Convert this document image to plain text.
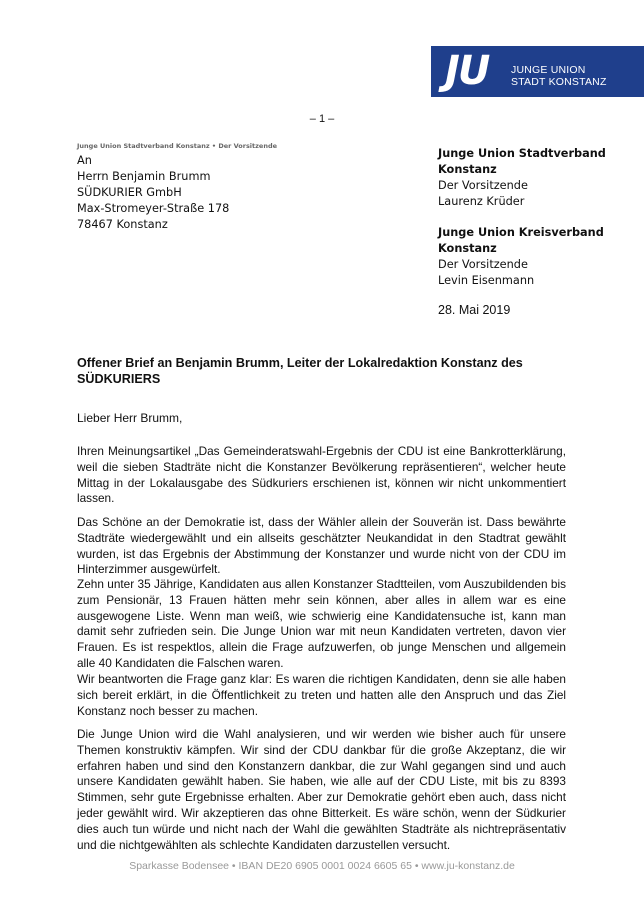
JU JUNGE UNION
STADT KONSTANZ
– 1 –
Junge Union Stadtverband Konstanz • Der Vorsitzende
An
Herrn Benjamin Brumm
SÜDKURIER GmbH
Max-Stromeyer-Straße 178
78467 Konstanz
Junge Union Stadtverband
Konstanz
Der Vorsitzende
Laurenz Krüder
Junge Union Kreisverband
Konstanz
Der Vorsitzende
Levin Eisenmann
28. Mai 2019
Offener Brief an Benjamin Brumm, Leiter der Lokalredaktion Konstanz des SÜDKURIERS
Lieber Herr Brumm,
Ihren Meinungsartikel „Das Gemeinderatswahl-Ergebnis der CDU ist eine Bankrotterklärung, weil die sieben Stadträte nicht die Konstanzer Bevölkerung repräsentieren“, welcher heute Mittag in der Lokalausgabe des Südkuriers erschienen ist, können wir nicht unkommentiert lassen.
Das Schöne an der Demokratie ist, dass der Wähler allein der Souverän ist. Dass bewährte Stadträte wiedergewählt und ein allseits geschätzter Neukandidat in den Stadtrat gewählt wurden, ist das Ergebnis der Abstimmung der Konstanzer und wurde nicht von der CDU im Hinterzimmer ausgewürfelt.
Zehn unter 35 Jährige, Kandidaten aus allen Konstanzer Stadtteilen, vom Auszubildenden bis zum Pensionär, 13 Frauen hätten mehr sein können, aber alles in allem war es eine ausgewogene Liste. Wenn man weiß, wie schwierig eine Kandidatensuche ist, kann man damit sehr zufrieden sein. Die Junge Union war mit neun Kandidaten vertreten, davon vier Frauen. Es ist respektlos, allein die Frage aufzuwerfen, ob junge Menschen und allgemein alle 40 Kandidaten die Falschen waren.
Wir beantworten die Frage ganz klar: Es waren die richtigen Kandidaten, denn sie alle haben sich bereit erklärt, in die Öffentlichkeit zu treten und hatten alle den Anspruch und das Ziel Konstanz noch besser zu machen.
Die Junge Union wird die Wahl analysieren, und wir werden wie bisher auch für unsere Themen konstruktiv kämpfen. Wir sind der CDU dankbar für die große Akzeptanz, die wir erfahren haben und sind den Konstanzern dankbar, die zur Wahl gegangen sind und auch unsere Kandidaten gewählt haben. Sie haben, wie alle auf der CDU Liste, mit bis zu 8393 Stimmen, sehr gute Ergebnisse erhalten. Aber zur Demokratie gehört eben auch, dass nicht jeder gewählt wird. Wir akzeptieren das ohne Bitterkeit. Es wäre schön, wenn der Südkurier dies auch tun würde und nicht nach der Wahl die gewählten Stadträte als nichtrepräsentativ und die nichtgewählten als schlechte Kandidaten darzustellen versucht.
Sparkasse Bodensee • IBAN DE20 6905 0001 0024 6605 65 • www.ju-konstanz.de
